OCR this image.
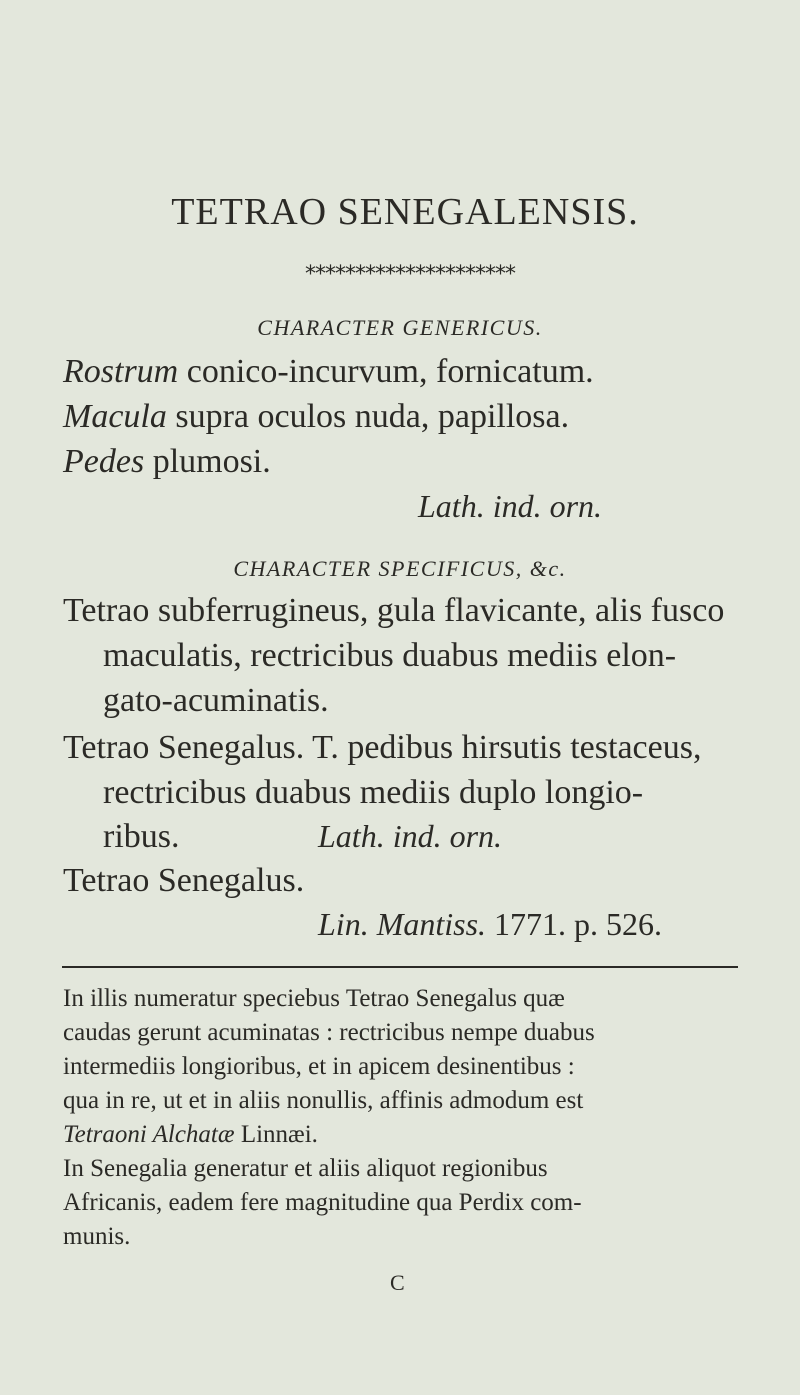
TETRAO SENEGALENSIS.
*********************
CHARACTER GENERICUS.
Rostrum conico-incurvum, fornicatum.
Macula supra oculos nuda, papillosa.
Pedes plumosi.
Lath. ind. orn.
CHARACTER SPECIFICUS, &c.
Tetrao subferrugineus, gula flavicante, alis fusco
maculatis, rectricibus duabus mediis elon-
gato-acuminatis.
Tetrao Senegalus. T. pedibus hirsutis testaceus,
rectricibus duabus mediis duplo longio-
ribus.	Lath. ind. orn.
Tetrao Senegalus.
Lin. Mantiss. 1771. p. 526.
In illis numeratur speciebus Tetrao Senegalus quæ
caudas gerunt acuminatas : rectricibus nempe duabus
intermediis longioribus, et in apicem desinentibus :
qua in re, ut et in aliis nonullis, affinis admodum est
Tetraoni Alchatæ Linnæi.
In Senegalia generatur et aliis aliquot regionibus
Africanis, eadem fere magnitudine qua Perdix com-
munis.
C
